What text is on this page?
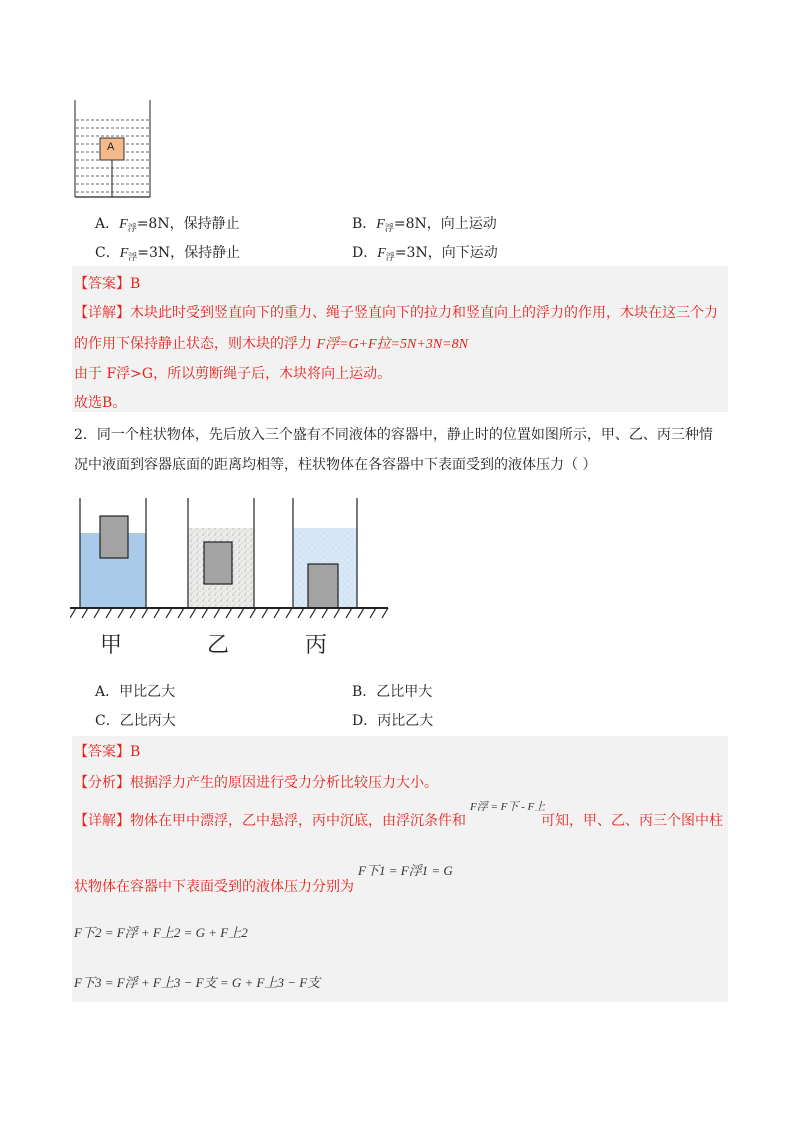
A
A．$F_浮=8N$，保持静止	B．$F_浮=8N$，向上运动
C．$F_浮=3N$，保持静止	D．$F_浮=3N$，向下运动
【答案】B
【详解】木块此时受到竖直向下的重力、绳子竖直向下的拉力和竖直向上的浮力的作用，木块在这三个力
的作用下保持静止状态，则木块的浮力 F浮=G+F拉=5N+3N=8N
由于 F浮>G，所以剪断绳子后，木块将向上运动。
故选B。
2．同一个柱状物体，先后放入三个盛有不同液体的容器中，静止时的位置如图所示，甲、乙、丙三种情
况中液面到容器底面的距离均相等，柱状物体在各容器中下表面受到的液体压力（ ）
甲	乙	丙
A．甲比乙大	B．乙比甲大
C．乙比丙大	D．丙比乙大
【答案】B
【分析】根据浮力产生的原因进行受力分析比较压力大小。
F浮 = F下 - F上
【详解】物体在甲中漂浮，乙中悬浮，丙中沉底，由浮沉条件和	可知，甲、乙、丙三个图中柱
F下1 = F浮1 = G
状物体在容器中下表面受到的液体压力分别为
F下2 = F浮 + F上2 = G + F上2
F下3 = F浮 + F上3 − F支 = G + F上3 − F支
